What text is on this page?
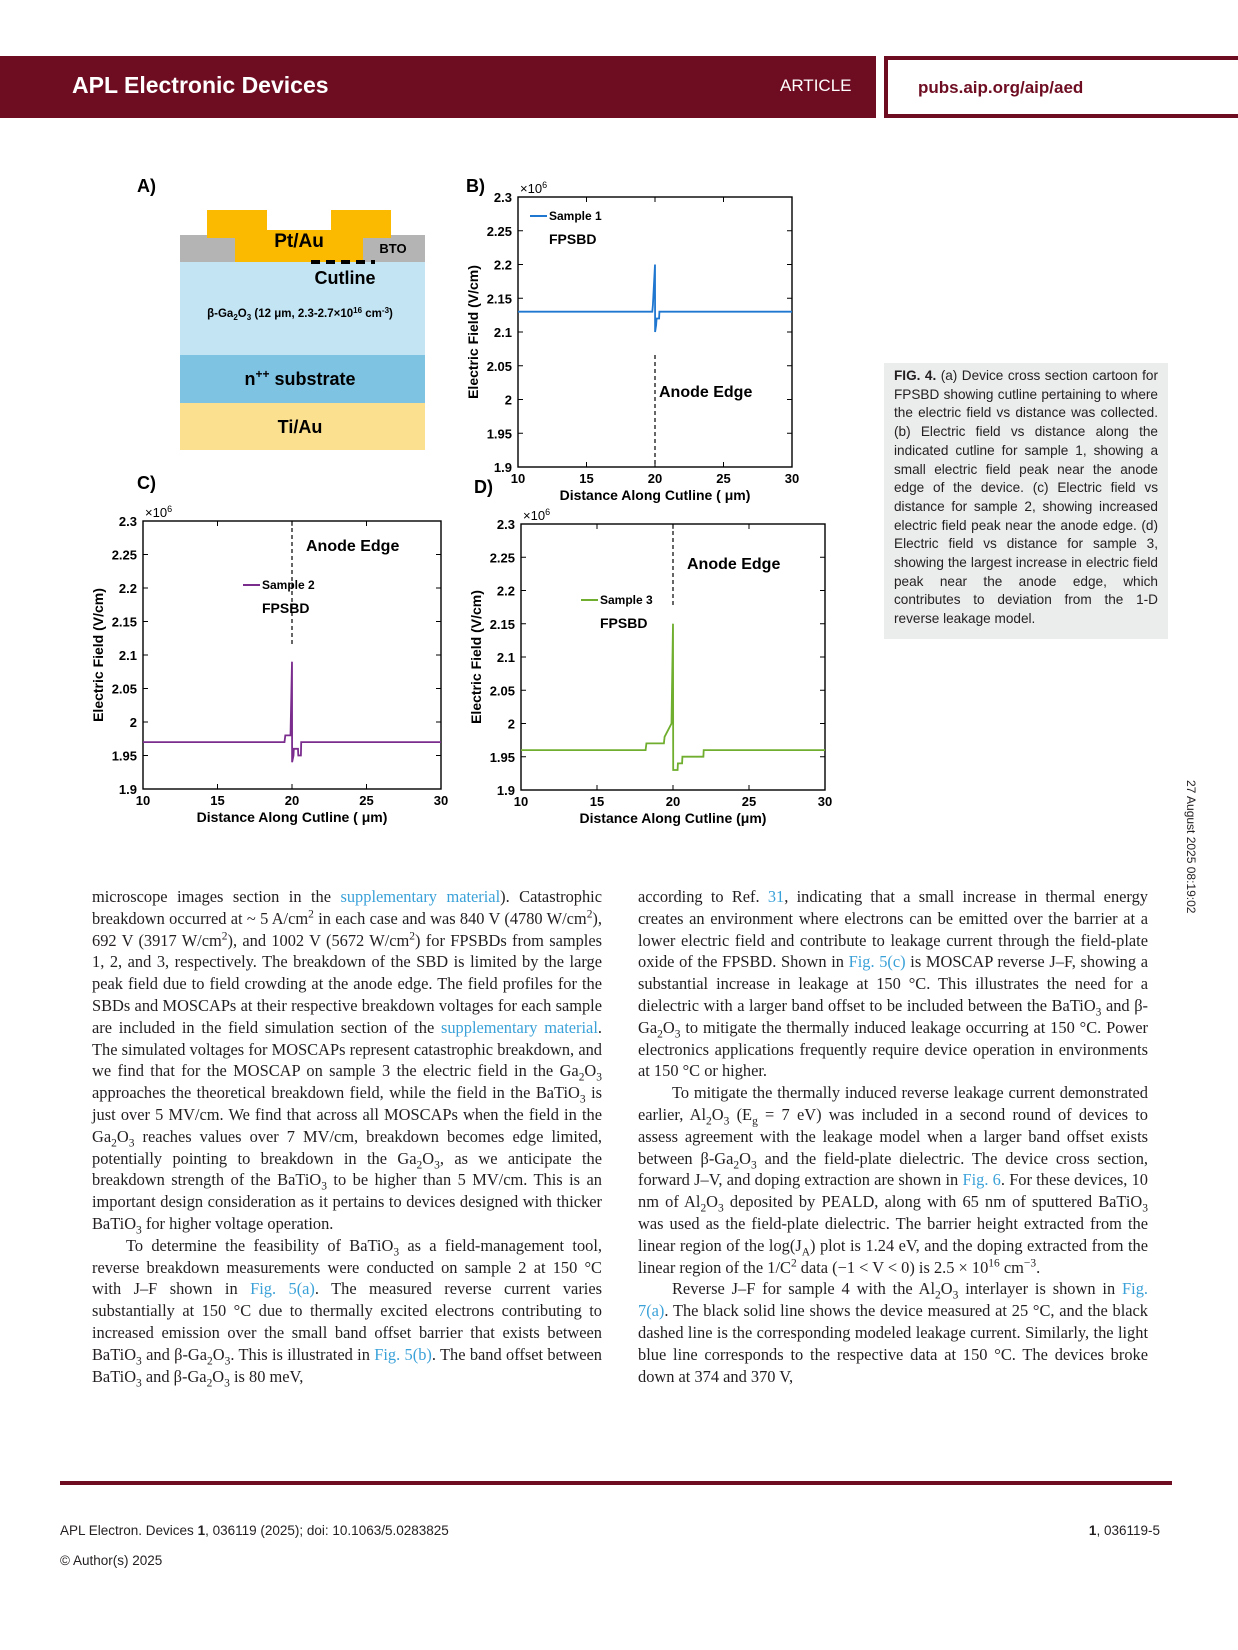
APL Electronic Devices	ARTICLE	pubs.aip.org/aip/aed
A)	B)
C)	D)
Pt/Au	BTO
Cutline
$\beta-Ga_2O_3$ (12 μm, $2.3-2.7\times 10^{16}$ $cm^{-3}$)
n++ substrate
Ti/Au
10	15	20	25	30
1.9
1.95
2
2.05
2.1
2.15
2.2
2.25
2.3
$\times 10^6$
Distance Along Cutline ( μm)
Electric Field (V/cm)	Anode Edge
Sample 1
FPSBD
10	15	20	25	30
1.9
1.95
2
2.05
2.1
2.15
2.2
2.25
2.3
$\times 10^6$
Distance Along Cutline ( μm)
Electric Field (V/cm)
Anode Edge
Sample 2
FPSBD
10	15	20	25	30
1.9
1.95
2
2.05
2.1
2.15
2.2
2.25
2.3
$\times 10^6$
Distance Along Cutline (μm)
Electric Field (V/cm)
Anode Edge
Sample 3
FPSBD
FIG. 4. (a) Device cross section cartoon for FPSBD showing cutline pertaining to where the electric field vs distance was collected. (b) Electric field vs distance along the indicated cutline for sample 1, showing a small electric field peak near the anode edge of the device. (c) Electric field vs distance for sample 2, showing increased electric field peak near the anode edge. (d) Electric field vs distance for sample 3, showing the largest increase in electric field peak near the anode edge, which contributes to deviation from the 1-D reverse leakage model.
27 August 2025 08:19:02

microscope images section in the supplementary material). Catastrophic breakdown occurred at ~ 5 $A/cm^2$ in each case and was 840 V (4780 $W/cm^2$), 692 V (3917 $W/cm^2$), and 1002 V (5672 $W/cm^2$) for FPSBDs from samples 1, 2, and 3, respectively. The breakdown of the SBD is limited by the large peak field due to field crowding at the anode edge. The field profiles for the SBDs and MOSCAPs at their respective breakdown voltages for each sample are included in the field simulation section of the supplementary material. The simulated voltages for MOSCAPs represent catastrophic breakdown, and we find that for the MOSCAP on sample 3 the electric field in the $Ga_2O_3$ approaches the theoretical breakdown field, while the field in the BaTiO$_3$ is just over 5 MV/cm. We find that across all MOSCAPs when the field in the $Ga_2O_3$ reaches values over 7 MV/cm, breakdown becomes edge limited, potentially pointing to breakdown in the $Ga_2O_3$, as we anticipate the breakdown strength of the BaTiO$_3$ to be higher than 5 MV/cm. This is an important design consideration as it pertains to devices designed with thicker BaTiO$_3$ for higher voltage operation.

To determine the feasibility of BaTiO$_3$ as a field-management tool, reverse breakdown measurements were conducted on sample 2 at 150 °C with J–F shown in Fig. 5(a). The measured reverse current varies substantially at 150 °C due to thermally excited electrons contributing to increased emission over the small band offset barrier that exists between BaTiO$_3$ and $\beta-Ga_2O_3$. This is illustrated in Fig. 5(b). The band offset between BaTiO$_3$ and $\beta-Ga_2O_3$ is 80 meV,

according to Ref. 31, indicating that a small increase in thermal energy creates an environment where electrons can be emitted over the barrier at a lower electric field and contribute to leakage current through the field-plate oxide of the FPSBD. Shown in Fig. 5(c) is MOSCAP reverse J–F, showing a substantial increase in leakage at 150 °C. This illustrates the need for a dielectric with a larger band offset to be included between the BaTiO$_3$ and $\beta-Ga_2O_3$ to mitigate the thermally induced leakage occurring at 150 °C. Power electronics applications frequently require device operation in environments at 150 °C or higher.

To mitigate the thermally induced reverse leakage current demonstrated earlier, $Al_2O_3$ ($E_g = 7$ eV) was included in a second round of devices to assess agreement with the leakage model when a larger band offset exists between $\beta-Ga_2O_3$ and the field-plate dielectric. The device cross section, forward J–V, and doping extraction are shown in Fig. 6. For these devices, 10 nm of $Al_2O_3$ deposited by PEALD, along with 65 nm of sputtered BaTiO$_3$ was used as the field-plate dielectric. The barrier height extracted from the linear region of the $\log(J_A)$ plot is 1.24 eV, and the doping extracted from the linear region of the $1/C^2$ data (−1 < V < 0) is $2.5 \times 10^{16}$ $cm^{-3}$.

Reverse J–F for sample 4 with the $Al_2O_3$ interlayer is shown in Fig. 7(a). The black solid line shows the device measured at 25 °C, and the black dashed line is the corresponding modeled leakage current. Similarly, the light blue line corresponds to the respective data at 150 °C. The devices broke down at 374 and 370 V,

APL Electron. Devices 1, 036119 (2025); doi: 10.1063/5.0283825
© Author(s) 2025
1, 036119-5
